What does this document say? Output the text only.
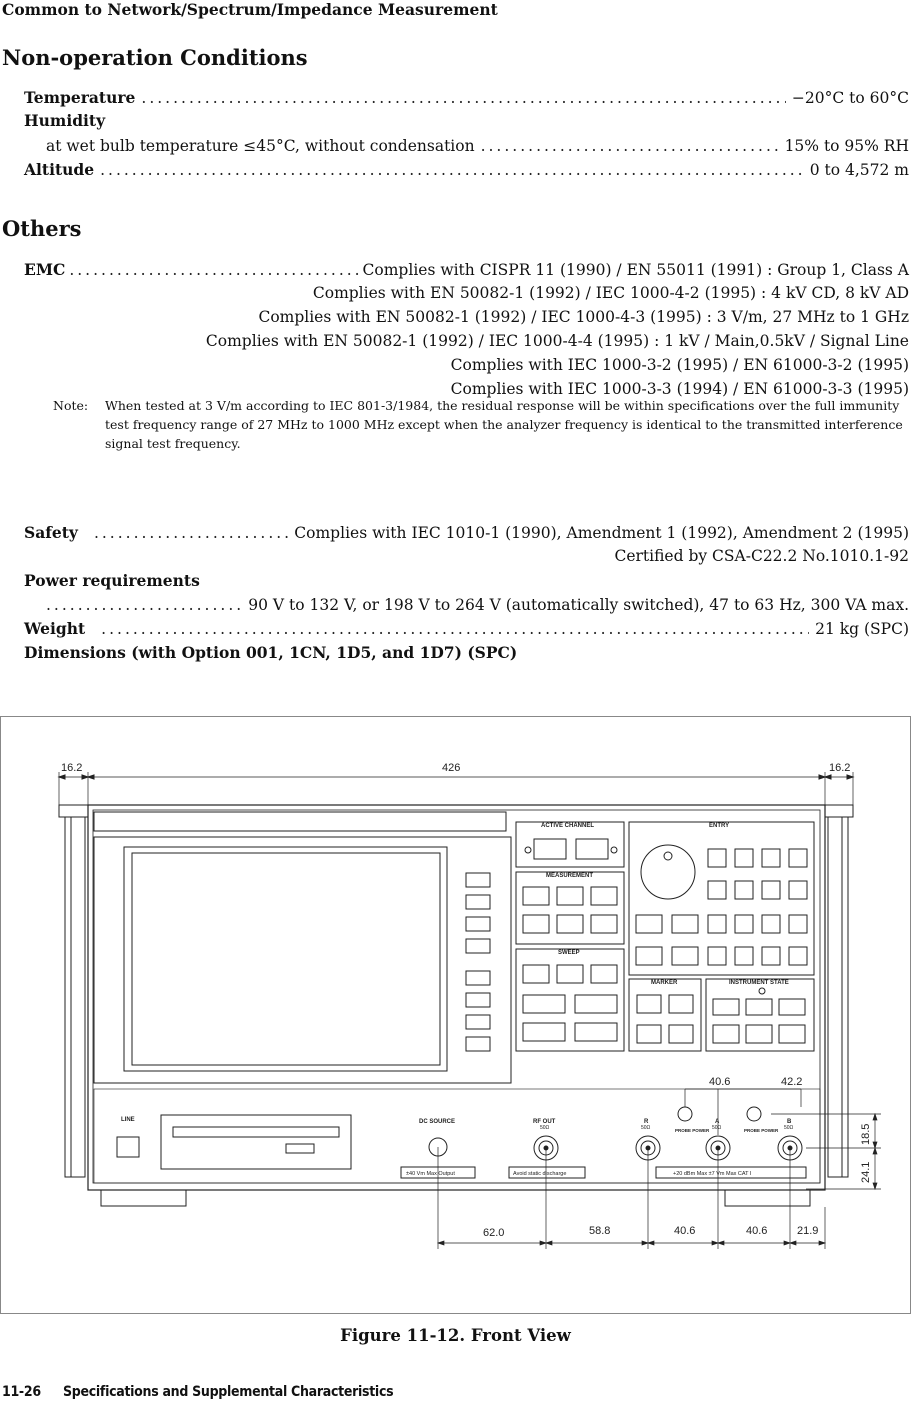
Common to Network/Spectrum/Impedance Measurement
Non-operation Conditions
Temperature .....	−20°C to 60°C
Humidity
at wet bulb temperature ≤45°C, without condensation .....	15% to 95% RH
Altitude .....	0 to 4,572 m
Others
EMC .....	Complies with CISPR 11 (1990) / EN 55011 (1991) : Group 1, Class A
Complies with EN 50082-1 (1992) / IEC 1000-4-2 (1995) : 4 kV CD, 8 kV AD
Complies with EN 50082-1 (1992) / IEC 1000-4-3 (1995) : 3 V/m, 27 MHz to 1 GHz
Complies with EN 50082-1 (1992) / IEC 1000-4-4 (1995) : 1 kV / Main,0.5kV / Signal Line
Complies with IEC 1000-3-2 (1995) / EN 61000-3-2 (1995)
Complies with IEC 1000-3-3 (1994) / EN 61000-3-3 (1995)
Note: When tested at 3 V/m according to IEC 801-3/1984, the residual response will be within specifications over the full immunity test frequency range of 27 MHz to 1000 MHz except when the analyzer frequency is identical to the transmitted interference signal test frequency.
Safety .....	Complies with IEC 1010-1 (1990), Amendment 1 (1992), Amendment 2 (1995)
Certified by CSA-C22.2 No.1010.1-92
Power requirements
.....
90 V to 132 V, or 198 V to 264 V (automatically switched), 47 to 63 Hz, 300 VA max.
Weight .....	21 kg (SPC)
Dimensions (with Option 001, 1CN, 1D5, and 1D7) (SPC)
16.2	426	16.2
ACTIVE CHANNEL
MEASUREMENT
SWEEP
ENTRY
MARKER	INSTRUMENT STATE
LINE	DC SOURCE	RF OUT
50Ω
R
50Ω
A
50Ω
B
50Ω
PROBE POWER	PROBE POWER
±40 Vm Max Output	Avoid static discharge	+20 dBm Max ±7 Vm Max CAT I
40.6	42.2
18.5
24.1
62.0	58.8	40.6	40.6	21.9
Figure 11-12. Front View
11-26 Specifications and Supplemental Characteristics
